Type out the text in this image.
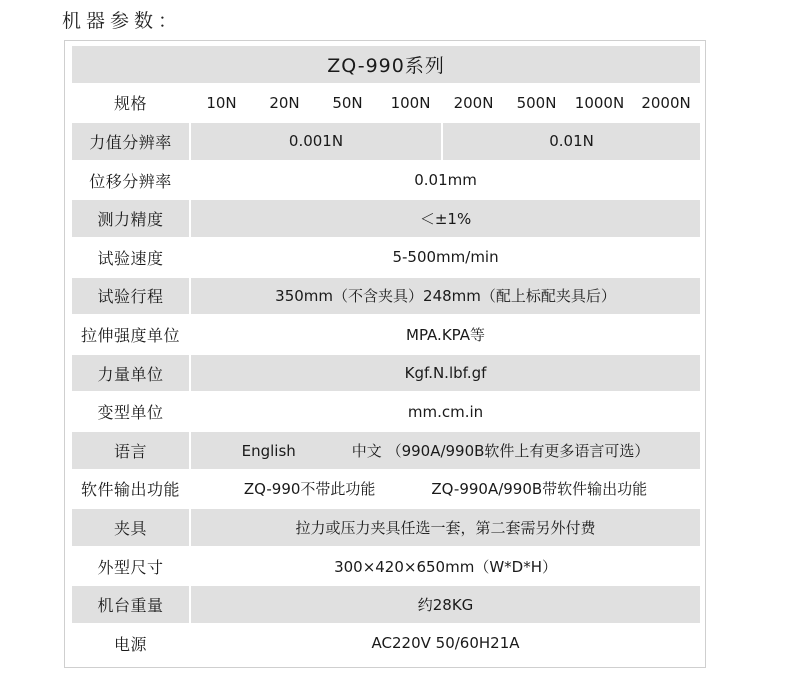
机器参数：
ZQ-990系列								
规格	10N	20N	50N	100N	200N	500N	1000N	2000N
力值分辨率	0.001N				0.01N			
位移分辨率	0.01mm							
测力精度	＜±1%							
试验速度	5-500mm/min							
试验行程	350mm（不含夹具）248mm（配上标配夹具后）							
拉伸强度单位	MPA.KPA等							
力量单位	Kgf.N.lbf.gf							
变型单位	mm.cm.in							
语言	English 中文 （990A/990B软件上有更多语言可选）							
软件输出功能	ZQ-990不带此功能 ZQ-990A/990B带软件输出功能							
夹具	拉力或压力夹具任选一套，第二套需另外付费							
外型尺寸	300×420×650mm（W*D*H）							
机台重量	约28KG							
电源	AC220V 50/60H21A							
